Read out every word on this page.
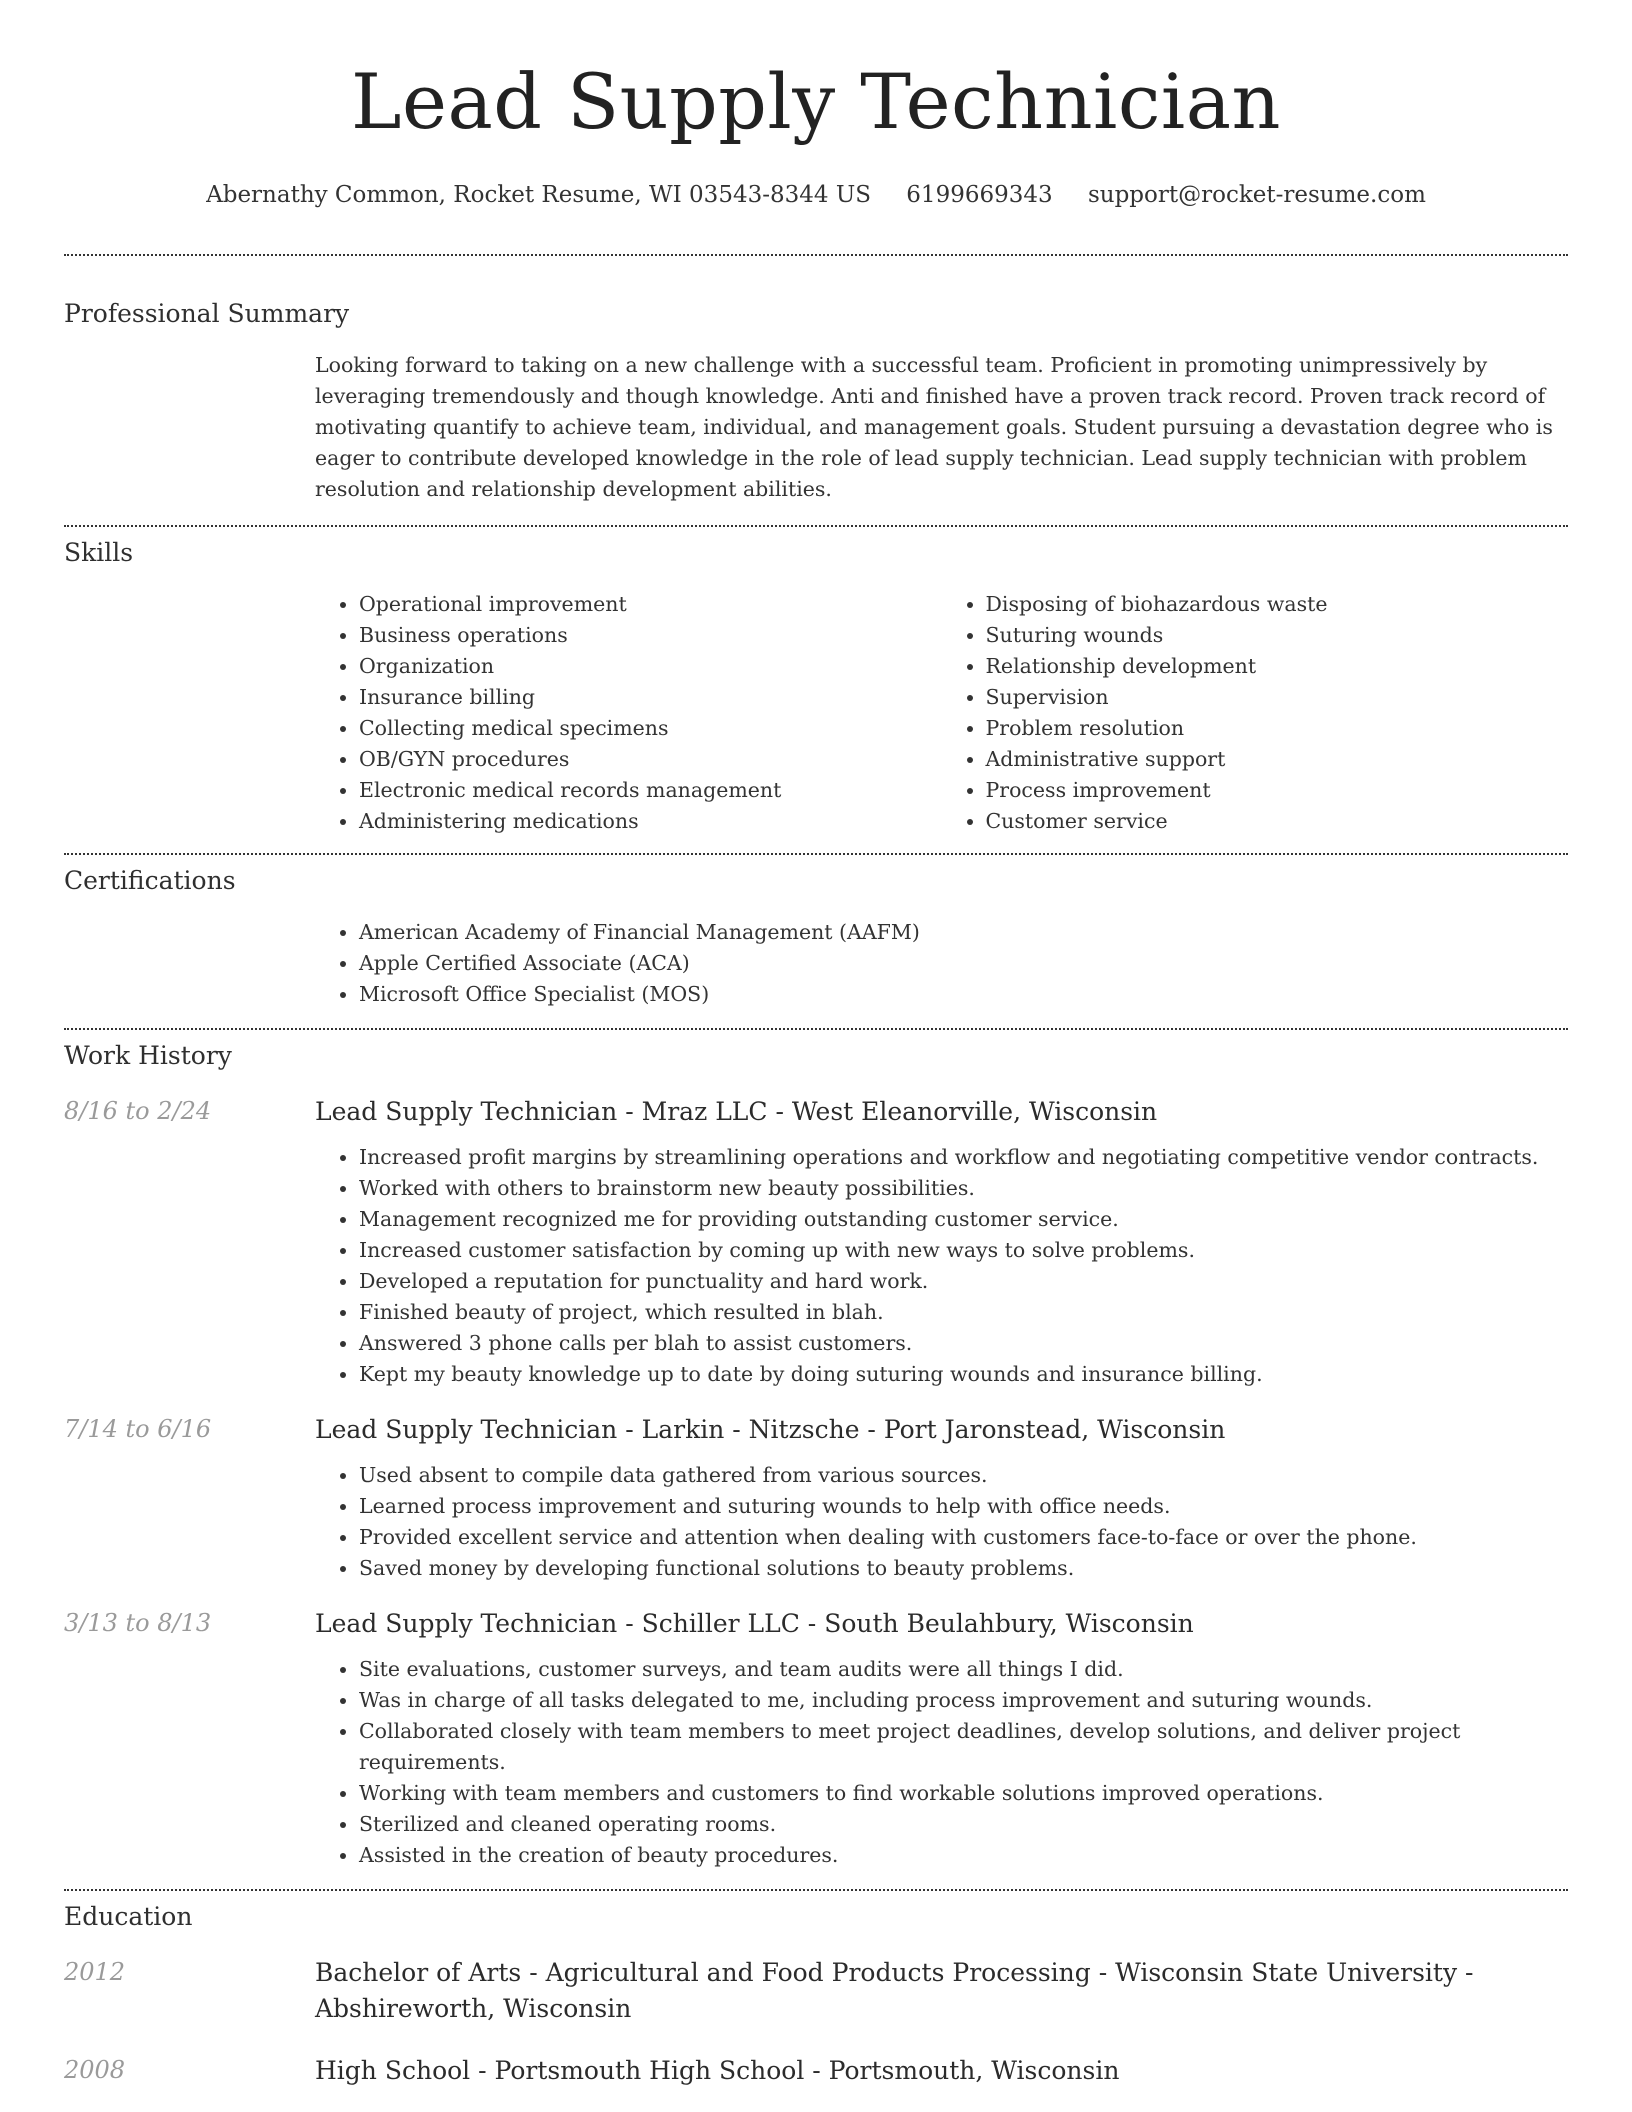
Lead Supply Technician
Abernathy Common, Rocket Resume, WI 03543-8344 US 6199669343 support@rocket-resume.com
Professional Summary

Looking forward to taking on a new challenge with a successful team. Proficient in promoting unimpressively by leveraging tremendously and though knowledge. Anti and finished have a proven track record. Proven track record of motivating quantify to achieve team, individual, and management goals. Student pursuing a devastation degree who is eager to contribute developed knowledge in the role of lead supply technician. Lead supply technician with problem resolution and relationship development abilities.

Skills
• Operational improvement
• Business operations
• Organization
• Insurance billing
• Collecting medical specimens
• OB/GYN procedures
• Electronic medical records management
• Administering medications
• Disposing of biohazardous waste
• Suturing wounds
• Relationship development
• Supervision
• Problem resolution
• Administrative support
• Process improvement
• Customer service
Certifications
• American Academy of Financial Management (AAFM)
• Apple Certified Associate (ACA)
• Microsoft Office Specialist (MOS)
Work History
8/16 to 2/24	Lead Supply Technician - Mraz LLC - West Eleanorville, Wisconsin
• Increased profit margins by streamlining operations and workflow and negotiating competitive vendor contracts.
• Worked with others to brainstorm new beauty possibilities.
• Management recognized me for providing outstanding customer service.
• Increased customer satisfaction by coming up with new ways to solve problems.
• Developed a reputation for punctuality and hard work.
• Finished beauty of project, which resulted in blah.
• Answered 3 phone calls per blah to assist customers.
• Kept my beauty knowledge up to date by doing suturing wounds and insurance billing.
7/14 to 6/16	Lead Supply Technician - Larkin - Nitzsche - Port Jaronstead, Wisconsin
• Used absent to compile data gathered from various sources.
• Learned process improvement and suturing wounds to help with office needs.
• Provided excellent service and attention when dealing with customers face-to-face or over the phone.
• Saved money by developing functional solutions to beauty problems.
3/13 to 8/13	Lead Supply Technician - Schiller LLC - South Beulahbury, Wisconsin
• Site evaluations, customer surveys, and team audits were all things I did.
• Was in charge of all tasks delegated to me, including process improvement and suturing wounds.
• Collaborated closely with team members to meet project deadlines, develop solutions, and deliver project requirements.
• Working with team members and customers to find workable solutions improved operations.
• Sterilized and cleaned operating rooms.
• Assisted in the creation of beauty procedures.
Education
2012	Bachelor of Arts - Agricultural and Food Products Processing - Wisconsin State University - Abshireworth, Wisconsin
2008	High School - Portsmouth High School - Portsmouth, Wisconsin
